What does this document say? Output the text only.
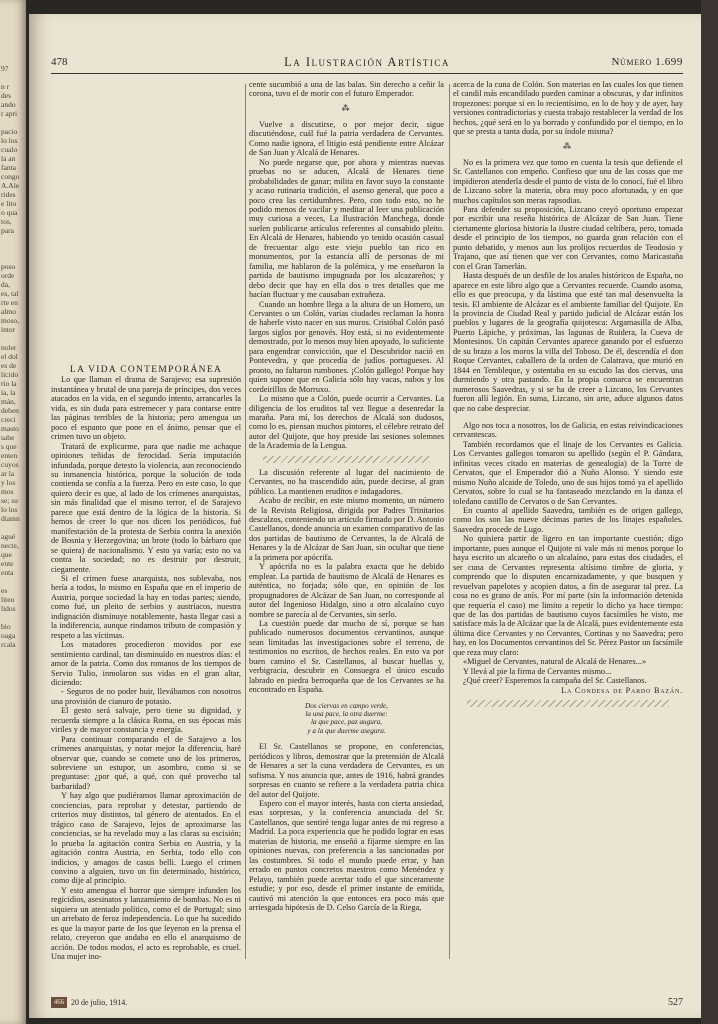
97

n r
des
ando
r apri

pacio
lo los
cualo
la an
fanta
congo
A.Ale
rides
e lito
o qua
tos,
para

poso
orde
da,
es, tal
rte en
almo
moso,
intor

noler
el dol
es de
licido
rio la
ía, la
mán,
deben
creci
masto
sabe
s que
enten
cuyos
ar la
y los
mos
se; su
lo los
diamn

agué
necte,
que
ente
enta

es
liteo
lidos

bio
oaga
rcala
478	La Ilustración Artística	Número 1.699

LA VIDA CONTEMPORÁNEA

Lo que llaman el drama de Sarajevo; esa supresión instantánea y brutal de una pareja de príncipes, dos veces atacados en la vida, en el segundo intento, arrancarles la vida, es sin duda para estremecer y para contarse entre las páginas terribles de la historia; pero amengua un poco el espanto que pone en el ánimo, pensar que el crimen tuvo un objeto.

Tratará de explicarme, para que nadie me achaque opiniones teñidas de ferocidad. Sería imputación infundada, porque detesto la violencia, aun reconociendo su inmanencia histórica, porque la solución de toda contienda se confía a la fuerza. Pero en este caso, lo que quiero decir es que, al lado de los crímenes anarquistas, sin más finalidad que el mismo terror, el de Sarajevo parece que está dentro de la lógica de la historia. Si hemos de creer lo que nos dicen los periódicos, fué manifestación de la protesta de Serbia contra la anexión de Bosnia y Herzegovina; un brote (todo lo bárbaro que se quiera) de nacionalismo. Y esto ya varía; esto no va contra la sociedad; no es destruir por destruir, ciegamente.

Si el crimen fuese anarquista, nos sublevaba, nos hería a todos, lo mismo en España que en el imperio de Austria, porque sociedad la hay en todas partes; siendo, como fué, un pleito de serbios y austríacos, nuestra indignación disminuye notablemente, hasta llegar casi a la indiferencia, aunque rindamos tributo de compasión y respeto a las víctimas.

Los matadores procedieron movidos por ese sentimiento cardinal, tan disminuído en nuestros días: el amor de la patria. Como dos romanos de los tiempos de Servio Tulio, inmolaron sus vidas en el gran altar, diciendo:

- Seguros de no poder huir, llevábamos con nosotros una provisión de cianuro de potasio.

El gesto será salvaje, pero tiene su dignidad, y recuerda siempre a la clásica Roma, en sus épocas más viriles y de mayor constancia y energía.

Para continuar comparando el de Sarajevo a los crímenes anarquistas, y notar mejor la diferencia, haré observar que, cuando se comete uno de los primeros, sobreviene un estupor, un asombro, como si se preguntase: ¿por qué, a qué, con qué provecho tal barbaridad?

Y hay algo que pudiéramos llamar aproximación de conciencias, para reprobar y detestar, partiendo de criterios muy distintos, tal género de atentados. En el trágico caso de Sarajevo, lejos de aproximarse las conciencias, se ha revelado muy a las claras su escisión; lo prueba la agitación contra Serbia en Austria, y la agitación contra Austria, en Serbia, todo ello con indicios, y amagos de casus belli. Luego el crimen convino a alguien, tuvo un fin determinado, histórico, como dije al principio.

Y esto amengua el horror que siempre infunden los regicidios, asesinatos y lanzamiento de bombas. No es ni siquiera un atentado político, como el de Portugal; sino un arrebato de feroz independencia. Lo que ha sucedido es que la mayor parte de los que leyeron en la prensa el relato, creyeron que andaba en ello el anarquismo de acción. De todos modos, el acto es reprobable, es cruel. Una mujer ino-

cente sucumbió a una de las balas. Sin derecho a ceñir la corona, tuvo el de morir con el futuro Emperador.

⁂

Vuelve a discutirse, o por mejor decir, sigue discutiéndose, cuál fué la patria verdadera de Cervantes. Como nadie ignora, el litigio está pendiente entre Alcázar de San Juan y Alcalá de Henares.

No puede negarse que, por ahora y mientras nuevas pruebas no se aducen, Alcalá de Henares tiene probabilidades de ganar; milita en favor suyo la constante y acaso rutinaria tradición, el asenso general, que poco a poco crea las certidumbres. Pero, con todo esto, no he podido menos de vacilar y meditar al leer una publicación muy curiosa a veces, La Ilustración Manchega, donde suelen publicarse artículos referentes al consabido pleito. En Alcalá de Henares, habiendo yo tenido ocasión casual de frecuentar algo este viejo pueblo tan rico en monumentos, por la estancia allí de personas de mi familia, me hablaron de la polémica, y me enseñaron la partida de bautismo impugnada por los alcazareños; y debo decir que hay en ella dos o tres detalles que me hacían fluctuar y me causaban extrañeza.

Cuando un hombre llega a la altura de un Homero, un Cervantes o un Colón, varias ciudades reclaman la honra de haberle visto nacer en sus muros. Cristóbal Colón pasó largos siglos por genovés. Hoy está, si no evidentemente demostrado, por lo menos muy bien apoyado, lo suficiente para engendrar convicción, que el Descubridor nació en Pontevedra, y que procedía de judíos portugueses. Al pronto, no faltaron rumbones. ¡Colón gallego! Porque hay quien supone que en Galicia sólo hay vacas, nabos y los cordeirillos de Morruxo.

Lo mismo que a Colón, puede ocurrir a Cervantes. La diligencia de los eruditos tal vez llegue a desenredar la maraña. Para mí, los derechos de Alcalá son dudosos, como lo es, piensan muchos pintores, el célebre retrato del autor del Quijote, que hoy preside las sesiones solemnes de la Academia de la Lengua.

La discusión referente al lugar del nacimiento de Cervantes, no ha trascendido aún, puede decirse, al gran público. La mantienen eruditos e indagadores.

Acabo de recibir, en este mismo momento, un número de la Revista Religiosa, dirigida por Padres Trinitarios descalzos, conteniendo un artículo firmado por D. Antonio Castellanos, donde anuncia un examen comparativo de las dos partidas de bautismo de Cervantes, la de Alcalá de Henares y la de Alcázar de San Juan, sin ocultar que tiene a la primera por apócrifa.

Y apócrifa no es la palabra exacta que he debido emplear. La partida de bautismo de Alcalá de Henares es auténtica, no forjada; sólo que, en opinión de los propugnadores de Alcázar de San Juan, no corresponde al autor del Ingenioso Hidalgo, sino a otro alcalaíno cuyo nombre se parecía al de Cervantes, sin serlo.

La cuestión puede dar mucho de sí, porque se han publicado numerosos documentos cervantinos, aunque sean limitadas las investigaciones sobre el terreno, de testimonios no escritos, de hechos reales. En esto va por buen camino el Sr. Castellanos, al buscar huellas y, verbigracia, descubrir en Consuegra el único escudo labrado en piedra berroqueña que de los Cervantes se ha encontrado en España.

Dos ciervas en campo verde,
la una pace, la otra duerme:
la que pace, paz augura,
y a la que duerme asegura.

El Sr. Castellanos se propone, en conferencias, periódicos y libros, demostrar que la pretensión de Alcalá de Henares a ser la cuna verdadera de Cervantes, es un sofisma. Y nos anuncia que, antes de 1916, habrá grandes sorpresas en cuanto se refiere a la verdadera patria chica del autor del Quijote.

Espero con el mayor interés, hasta con cierta ansiedad, esas sorpresas, y la conferencia anunciada del Sr. Castellanos, que sentiré tenga lugar antes de mi regreso a Madrid. La poca experiencia que he podido lograr en esas materias de historia, me enseñó a fijarme siempre en las opiniones nuevas, con preferencia a las sancionadas por las costumbres. Si todo el mundo puede errar, y han errado en puntos concretos maestros como Menéndez y Pelayo, también puede acertar todo el que sinceramente estudie; y por eso, desde el primer instante de emitida, cautivó mi atención la que entonces era poco más que arriesgada hipótesis de D. Celso García de la Riega,

acerca de la cuna de Colón. Son materias en las cuales los que tienen el candil más encandilado pueden caminar a obscuras, y dar infinitos tropezones: porque si en lo recientísimo, en lo de hoy y de ayer, hay versiones contradictorias y cuesta trabajo restablecer la verdad de los hechos, ¿qué será en lo ya borrado y confundido por el tiempo, en lo que se presta a tanta duda, por su índole misma?

⁂

No es la primera vez que tomo en cuenta la tesis que defiende el Sr. Castellanos con empeño. Confieso que una de las cosas que me impidieron atenderla desde el punto de vista de lo conocí, fué el libro de Lizcano sobre la materia, obra muy poco afortunada, y en que muchos capítulos son meras rapsodias.

Para defender su proposición, Lizcano creyó oportuno empezar por escribir una reseña histórica de Alcázar de San Juan. Tiene ciertamente gloriosa historia la ilustre ciudad celtíbera, pero, tomada desde el principio de los tiempos, no guarda gran relación con el punto debatido, y menos aun los prolijos recuerdos de Teodosio y Trajano, que así tienen que ver con Cervantes, como Maricastaña con el Gran Tamerlán.

Hasta después de un desfile de los anales históricos de España, no aparece en este libro algo que a Cervantes recuerde. Cuando asoma, ello es que preocupa, y da lástima que esté tan mal desenvuelta la tesis. El ambiente de Alcázar es el ambiente familiar del Quijote. En la provincia de Ciudad Real y partido judicial de Alcázar están los pueblos y lugares de la geografía quijotesca: Argamasilla de Alba, Puerto Lápiche, y próximas, las lagunas de Ruidera, la Cueva de Montesinos. Un capitán Cervantes aparece ganando por el esfuerzo de su brazo a los moros la villa del Toboso. De él, descendía el don Roque Cervantes, caballero de la orden de Calatrava, que murió en 1844 en Tembleque, y ostentaba en su escudo las dos ciervas, una durmiendo y otra pastando. En la propia comarca se encuentran numerosos Saavedras, y si se ha de creer a Lizcano, los Cervantes fueron allí legión. En suma, Lizcano, sin arte, aduce algunos datos que no cabe despreciar.

Algo nos toca a nosotros, los de Galicia, en estas reivindicaciones cervantescas.

También recordamos que el linaje de los Cervantes es Galicia. Los Cervantes gallegos tomaron su apellido (según el P. Gándara, infinitas veces citado en materias de genealogía) de la Torre de Cervatos, que el Emperador dió a Nuño Alonso. Y siendo este mismo Nuño alcaide de Toledo, uno de sus hijos tomó ya el apellido Cervatos, sobre lo cual se ha fantaseado mezclando en la danza el toledano castillo de Cervatos o de San Cervantes.

En cuanto al apellido Saavedra, también es de origen gallego, como los son las nueve décimas partes de los linajes españoles. Saavedra procede de Lugo.

No quisiera partir de ligero en tan importante cuestión; digo importante, pues aunque el Quijote ni vale más ni menos porque lo haya escrito un alcareño o un alcalaíno, para estas dos ciudades, el ser cuna de Cervantes representa altísimo timbre de gloria, y comprendo que lo disputen encarnizadamente, y que busquen y revuelvan papelotes y acopien datos, a fin de asegurar tal prez. La cosa no es grano de anís. Por mí parte (sin la información detenida que requería el caso) me limito a repetir lo dicho ya hace tiempo: que de las dos partidas de bautismo cuyos facsímiles he visto, me satisface más la de Alcázar que la de Alcalá, pues evidentemente esta última dice Cervantes y no Cervantes, Cortinas y no Saavedra; pero hay, en los Documentos cervantinos del Sr. Pérez Pastor un facsímile que reza muy claro:

«Miguel de Cervantes, natural de Alcalá de Henares...»

Y llevá al pie la firma de Cervantes mismo...

¿Qué creer? Esperemos la campaña del Sr. Castellanos.

La Condesa de Pardo Bazán.

466 20 de julio, 1914.	527
